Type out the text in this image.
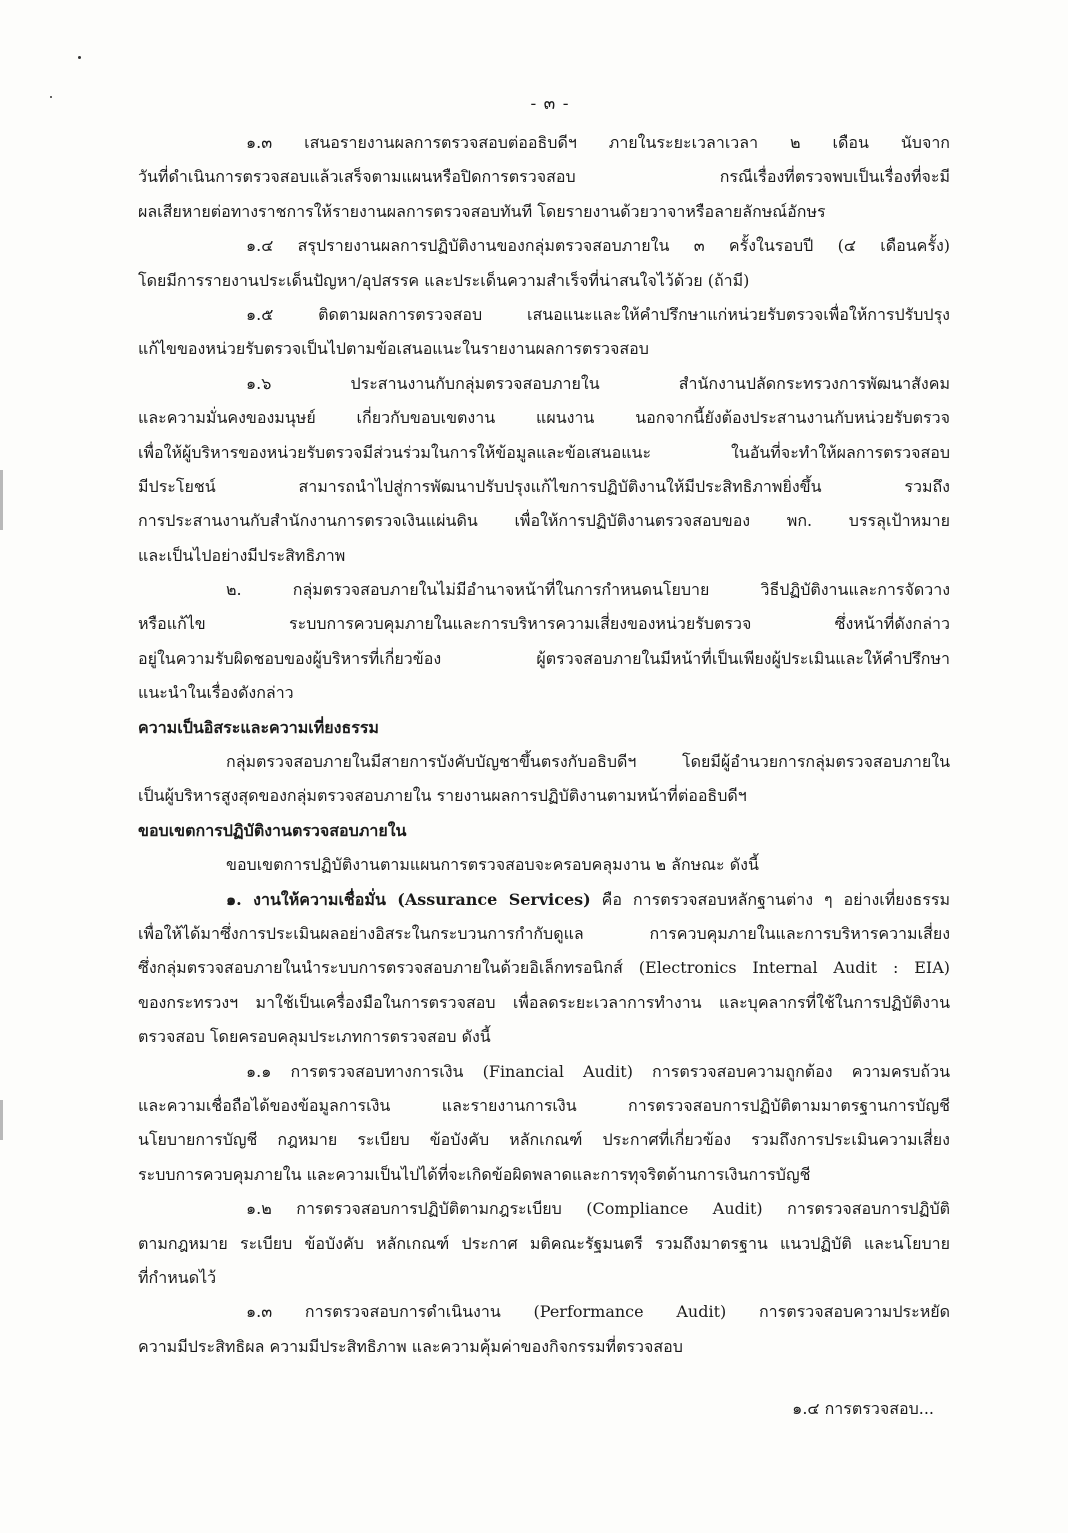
- ๓ -
๑.๓ เสนอรายงานผลการตรวจสอบต่ออธิบดีฯ ภายในระยะเวลาเวลา ๒ เดือน นับจาก
วันที่ดำเนินการตรวจสอบแล้วเสร็จตามแผนหรือปิดการตรวจสอบ กรณีเรื่องที่ตรวจพบเป็นเรื่องที่จะมี
ผลเสียหายต่อทางราชการให้รายงานผลการตรวจสอบทันที โดยรายงานด้วยวาจาหรือลายลักษณ์อักษร
๑.๔ สรุปรายงานผลการปฏิบัติงานของกลุ่มตรวจสอบภายใน ๓ ครั้งในรอบปี (๔ เดือนครั้ง)
โดยมีการรายงานประเด็นปัญหา/อุปสรรค และประเด็นความสำเร็จที่น่าสนใจไว้ด้วย (ถ้ามี)
๑.๕ ติดตามผลการตรวจสอบ เสนอแนะและให้คำปรึกษาแก่หน่วยรับตรวจเพื่อให้การปรับปรุง
แก้ไขของหน่วยรับตรวจเป็นไปตามข้อเสนอแนะในรายงานผลการตรวจสอบ
๑.๖ ประสานงานกับกลุ่มตรวจสอบภายใน สำนักงานปลัดกระทรวงการพัฒนาสังคม
และความมั่นคงของมนุษย์ เกี่ยวกับขอบเขตงาน แผนงาน นอกจากนี้ยังต้องประสานงานกับหน่วยรับตรวจ
เพื่อให้ผู้บริหารของหน่วยรับตรวจมีส่วนร่วมในการให้ข้อมูลและข้อเสนอแนะ ในอันที่จะทำให้ผลการตรวจสอบ
มีประโยชน์ สามารถนำไปสู่การพัฒนาปรับปรุงแก้ไขการปฏิบัติงานให้มีประสิทธิภาพยิ่งขึ้น รวมถึง
การประสานงานกับสำนักงานการตรวจเงินแผ่นดิน เพื่อให้การปฏิบัติงานตรวจสอบของ พก. บรรลุเป้าหมาย
และเป็นไปอย่างมีประสิทธิภาพ
๒. กลุ่มตรวจสอบภายในไม่มีอำนาจหน้าที่ในการกำหนดนโยบาย วิธีปฏิบัติงานและการจัดวาง
หรือแก้ไข ระบบการควบคุมภายในและการบริหารความเสี่ยงของหน่วยรับตรวจ ซึ่งหน้าที่ดังกล่าว
อยู่ในความรับผิดชอบของผู้บริหารที่เกี่ยวข้อง ผู้ตรวจสอบภายในมีหน้าที่เป็นเพียงผู้ประเมินและให้คำปรึกษา
แนะนำในเรื่องดังกล่าว
ความเป็นอิสระและความเที่ยงธรรม
กลุ่มตรวจสอบภายในมีสายการบังคับบัญชาขึ้นตรงกับอธิบดีฯ โดยมีผู้อำนวยการกลุ่มตรวจสอบภายใน
เป็นผู้บริหารสูงสุดของกลุ่มตรวจสอบภายใน รายงานผลการปฏิบัติงานตามหน้าที่ต่ออธิบดีฯ
ขอบเขตการปฏิบัติงานตรวจสอบภายใน
ขอบเขตการปฏิบัติงานตามแผนการตรวจสอบจะครอบคลุมงาน ๒ ลักษณะ ดังนี้
๑. งานให้ความเชื่อมั่น (Assurance Services) คือ การตรวจสอบหลักฐานต่าง ๆ อย่างเที่ยงธรรม
เพื่อให้ได้มาซึ่งการประเมินผลอย่างอิสระในกระบวนการกำกับดูแล การควบคุมภายในและการบริหารความเสี่ยง
ซึ่งกลุ่มตรวจสอบภายในนำระบบการตรวจสอบภายในด้วยอิเล็กทรอนิกส์ (Electronics Internal Audit : EIA)
ของกระทรวงฯ มาใช้เป็นเครื่องมือในการตรวจสอบ เพื่อลดระยะเวลาการทำงาน และบุคลากรที่ใช้ในการปฏิบัติงาน
ตรวจสอบ โดยครอบคลุมประเภทการตรวจสอบ ดังนี้
๑.๑ การตรวจสอบทางการเงิน (Financial Audit) การตรวจสอบความถูกต้อง ความครบถ้วน
และความเชื่อถือได้ของข้อมูลการเงิน และรายงานการเงิน การตรวจสอบการปฏิบัติตามมาตรฐานการบัญชี
นโยบายการบัญชี กฎหมาย ระเบียบ ข้อบังคับ หลักเกณฑ์ ประกาศที่เกี่ยวข้อง รวมถึงการประเมินความเสี่ยง
ระบบการควบคุมภายใน และความเป็นไปได้ที่จะเกิดข้อผิดพลาดและการทุจริตด้านการเงินการบัญชี
๑.๒ การตรวจสอบการปฏิบัติตามกฎระเบียบ (Compliance Audit) การตรวจสอบการปฏิบัติ
ตามกฎหมาย ระเบียบ ข้อบังคับ หลักเกณฑ์ ประกาศ มติคณะรัฐมนตรี รวมถึงมาตรฐาน แนวปฏิบัติ และนโยบาย
ที่กำหนดไว้
๑.๓ การตรวจสอบการดำเนินงาน (Performance Audit) การตรวจสอบความประหยัด
ความมีประสิทธิผล ความมีประสิทธิภาพ และความคุ้มค่าของกิจกรรมที่ตรวจสอบ
๑.๔ การตรวจสอบ...
